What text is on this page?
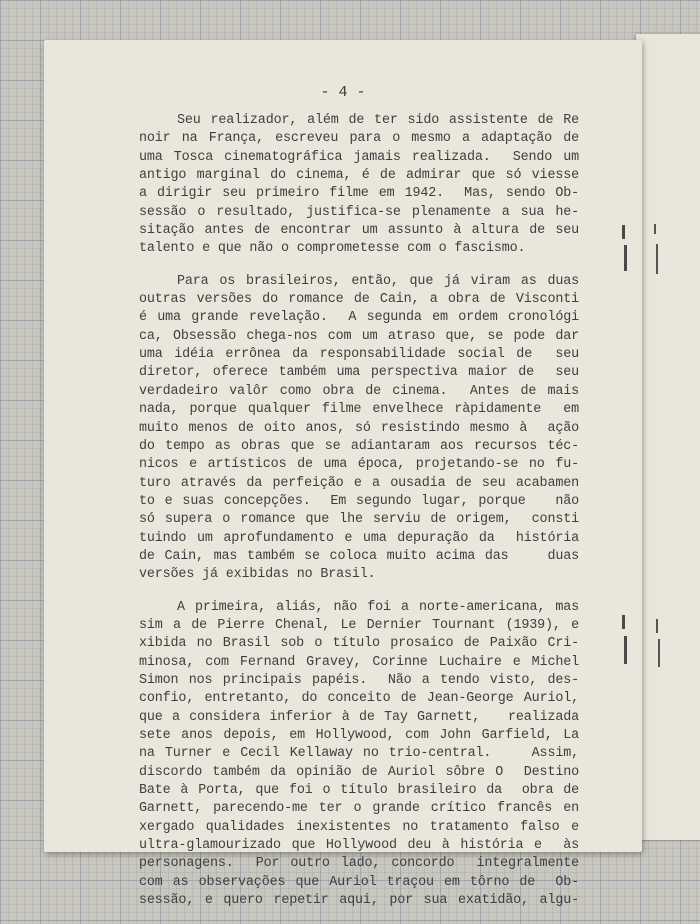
- 4 -
Seu realizador, além de ter sido assistente de Re
noir na França, escreveu para o mesmo a adaptação de
uma Tosca cinematográfica jamais realizada.  Sendo um
antigo marginal do cinema, é de admirar que só viesse
a dirigir seu primeiro filme em 1942.  Mas, sendo Ob-
sessão o resultado, justifica-se plenamente a sua he-
sitação antes de encontrar um assunto à altura de seu
talento e que não o comprometesse com o fascismo.
Para os brasileiros, então, que já viram as duas
outras versões do romance de Cain, a obra de Visconti
é uma grande revelação.  A segunda em ordem cronológi
ca, Obsessão chega-nos com um atraso que, se pode dar
uma idéia errônea da responsabilidade social de  seu
diretor, oferece também uma perspectiva maior de  seu
verdadeiro valôr como obra de cinema.  Antes de mais
nada, porque qualquer filme envelhece ràpidamente  em
muito menos de oito anos, só resistindo mesmo à  ação
do tempo as obras que se adiantaram aos recursos téc-
nicos e artísticos de uma época, projetando-se no fu-
turo através da perfeição e a ousadia de seu acabamen
to e suas concepções.  Em segundo lugar, porque   não
só supera o romance que lhe serviu de origem,  consti
tuindo um aprofundamento e uma depuração da  história
de Cain, mas também se coloca muito acima das    duas
versões já exibidas no Brasil.
A primeira, aliás, não foi a norte-americana, mas
sim a de Pierre Chenal, Le Dernier Tournant (1939), e
xibida no Brasil sob o título prosaico de Paixão Cri-
minosa, com Fernand Gravey, Corinne Luchaire e Michel
Simon nos principais papéis.  Não a tendo visto, des-
confio, entretanto, do conceito de Jean-George Auriol,
que a considera inferior à de Tay Garnett,   realizada
sete anos depois, em Hollywood, com John Garfield, La
na Turner e Cecil Kellaway no trio-central.    Assim,
discordo também da opinião de Auriol sôbre O  Destino
Bate à Porta, que foi o título brasileiro da  obra de
Garnett, parecendo-me ter o grande crítico francês en
xergado qualidades inexistentes no tratamento falso e
ultra-glamourizado que Hollywood deu à história e  às
personagens.  Por outro lado, concordo  integralmente
com as observações que Auriol traçou em tôrno de  Ob-
sessão, e quero repetir aqui, por sua exatidão, algu-
